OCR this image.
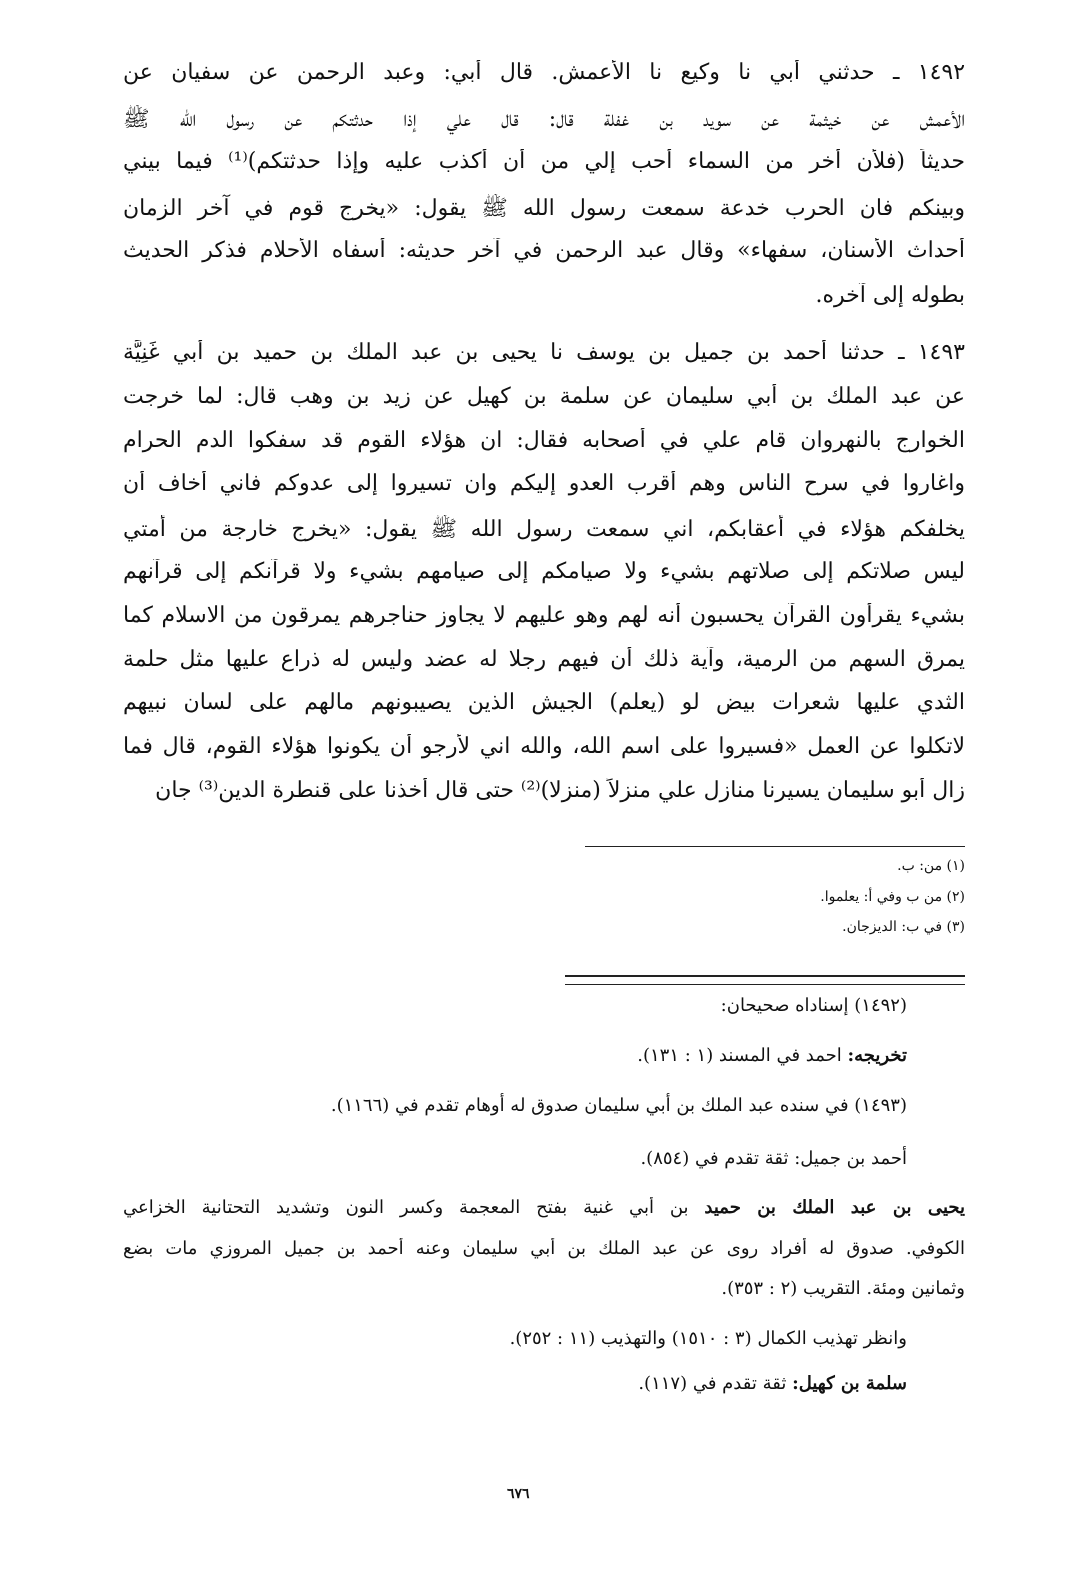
(١٤٩٢) إسناداه صحيحان:
تخريجه: احمد في المسند (١ : ١٣١).
(١٤٩٣) في سنده عبد الملك بن أبي سليمان صدوق له أوهام تقدم في (١١٦٦).
أحمد بن جميل: ثقة تقدم في (٨٥٤).
يحيى بن عبد الملك بن حميد بن أبي غنية بفتح المعجمة وكسر النون وتشديد التحتانية الخزاعي
الكوفي. صدوق له أفراد روى عن عبد الملك بن أبي سليمان وعنه أحمد بن جميل المروزي مات بضع
وثمانين ومئة. التقريب (٢ : ٣٥٣).
وانظر تهذيب الكمال (٣ : ١٥١٠) والتهذيب (١١ : ٢٥٢).
سلمة بن كهيل: ثقة تقدم في (١١٧).
٦٧٦
١٤٩٢ ـ حدثني أبي نا وكيع نا الأعمش. قال أبي: وعبد الرحمن عن سفيان عن
الأعمش عن خيثمة عن سويد بن غفلة قال: قال علي إذا حدثتكم عن رسول الله ﷺ
حديثاً (فلأن أخر من السماء أحب إلي من أن أكذب عليه وإذا حدثتكم)⁽¹⁾ فيما بيني
وبينكم فان الحرب خدعة سمعت رسول الله ﷺ يقول: «يخرج قوم في آخر الزمان
أحداث الأسنان، سفهاء» وقال عبد الرحمن في آخر حديثه: أسفاه الأحلام فذكر الحديث
بطوله إلى آخره.
١٤٩٣ ـ حدثنا أحمد بن جميل بن يوسف نا يحيى بن عبد الملك بن حميد بن أبي غَنِيَّة
عن عبد الملك بن أبي سليمان عن سلمة بن كهيل عن زيد بن وهب قال: لما خرجت
الخوارج بالنهروان قام علي في أصحابه فقال: ان هؤلاء القوم قد سفكوا الدم الحرام
واغاروا في سرح الناس وهم أقرب العدو إليكم وان تسيروا إلى عدوكم فاني أخاف أن
يخلفكم هؤلاء في أعقابكم، اني سمعت رسول الله ﷺ يقول: «يخرج خارجة من أمتي
ليس صلاتكم إلى صلاتهم بشيء ولا صيامكم إلى صيامهم بشيء ولا قرآنكم إلى قرآنهم
بشيء يقرأون القرآن يحسبون أنه لهم وهو عليهم لا يجاوز حناجرهم يمرقون من الاسلام كما
يمرق السهم من الرمية، وآية ذلك أن فيهم رجلا له عضد وليس له ذراع عليها مثل حلمة
الثدي عليها شعرات بيض لو (يعلم) الجيش الذين يصيبونهم مالهم على لسان نبيهم
لاتكلوا عن العمل «فسيروا على اسم الله، والله اني لأرجو أن يكونوا هؤلاء القوم، قال فما
زال أبو سليمان يسيرنا منازل علي منزلاً (منزلا)⁽²⁾ حتى قال أخذنا على قنطرة الدين⁽³⁾ جان
(١) من: ب.
(٢) من ب وفي أ: يعلموا.
(٣) في ب: الديزجان.
